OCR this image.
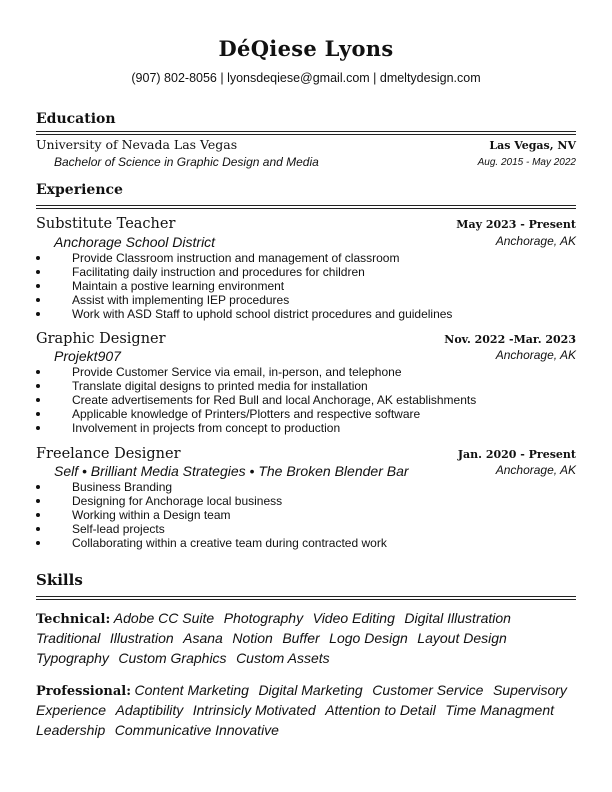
DéQiese Lyons
(907) 802-8056 | lyonsdeqiese@gmail.com | dmeltydesign.com
Education
University of Nevada Las Vegas	Las Vegas, NV
Bachelor of Science in Graphic Design and Media	Aug. 2015 - May 2022
Experience
Substitute Teacher	May 2023 - Present
Anchorage School District	Anchorage, AK
Provide Classroom instruction and management of classroom
Facilitating daily instruction and procedures for children
Maintain a postive learning environment
Assist with implementing IEP procedures
Work with ASD Staff to uphold school district procedures and guidelines
Graphic Designer	Nov. 2022 -Mar. 2023
Projekt907	Anchorage, AK
Provide Customer Service via email, in-person, and telephone
Translate digital designs to printed media for installation
Create advertisements for Red Bull and local Anchorage, AK establishments
Applicable knowledge of Printers/Plotters and respective software
Involvement in projects from concept to production
Freelance Designer	Jan. 2020 - Present
Self • Brilliant Media Strategies • The Broken Blender Bar	Anchorage, AK
Business Branding
Designing for Anchorage local business
Working within a Design team
Self-lead projects
Collaborating within a creative team during contracted work
Skills
Technical: Adobe CC Suite Photography Video Editing Digital Illustration
Traditional Illustration Asana Notion Buffer Logo Design Layout Design
Typography Custom Graphics Custom Assets
Professional: Content Marketing Digital Marketing Customer Service Supervisory
Experience Adaptibility Intrinsicly Motivated Attention to Detail Time Managment
Leadership Communicative Innovative
